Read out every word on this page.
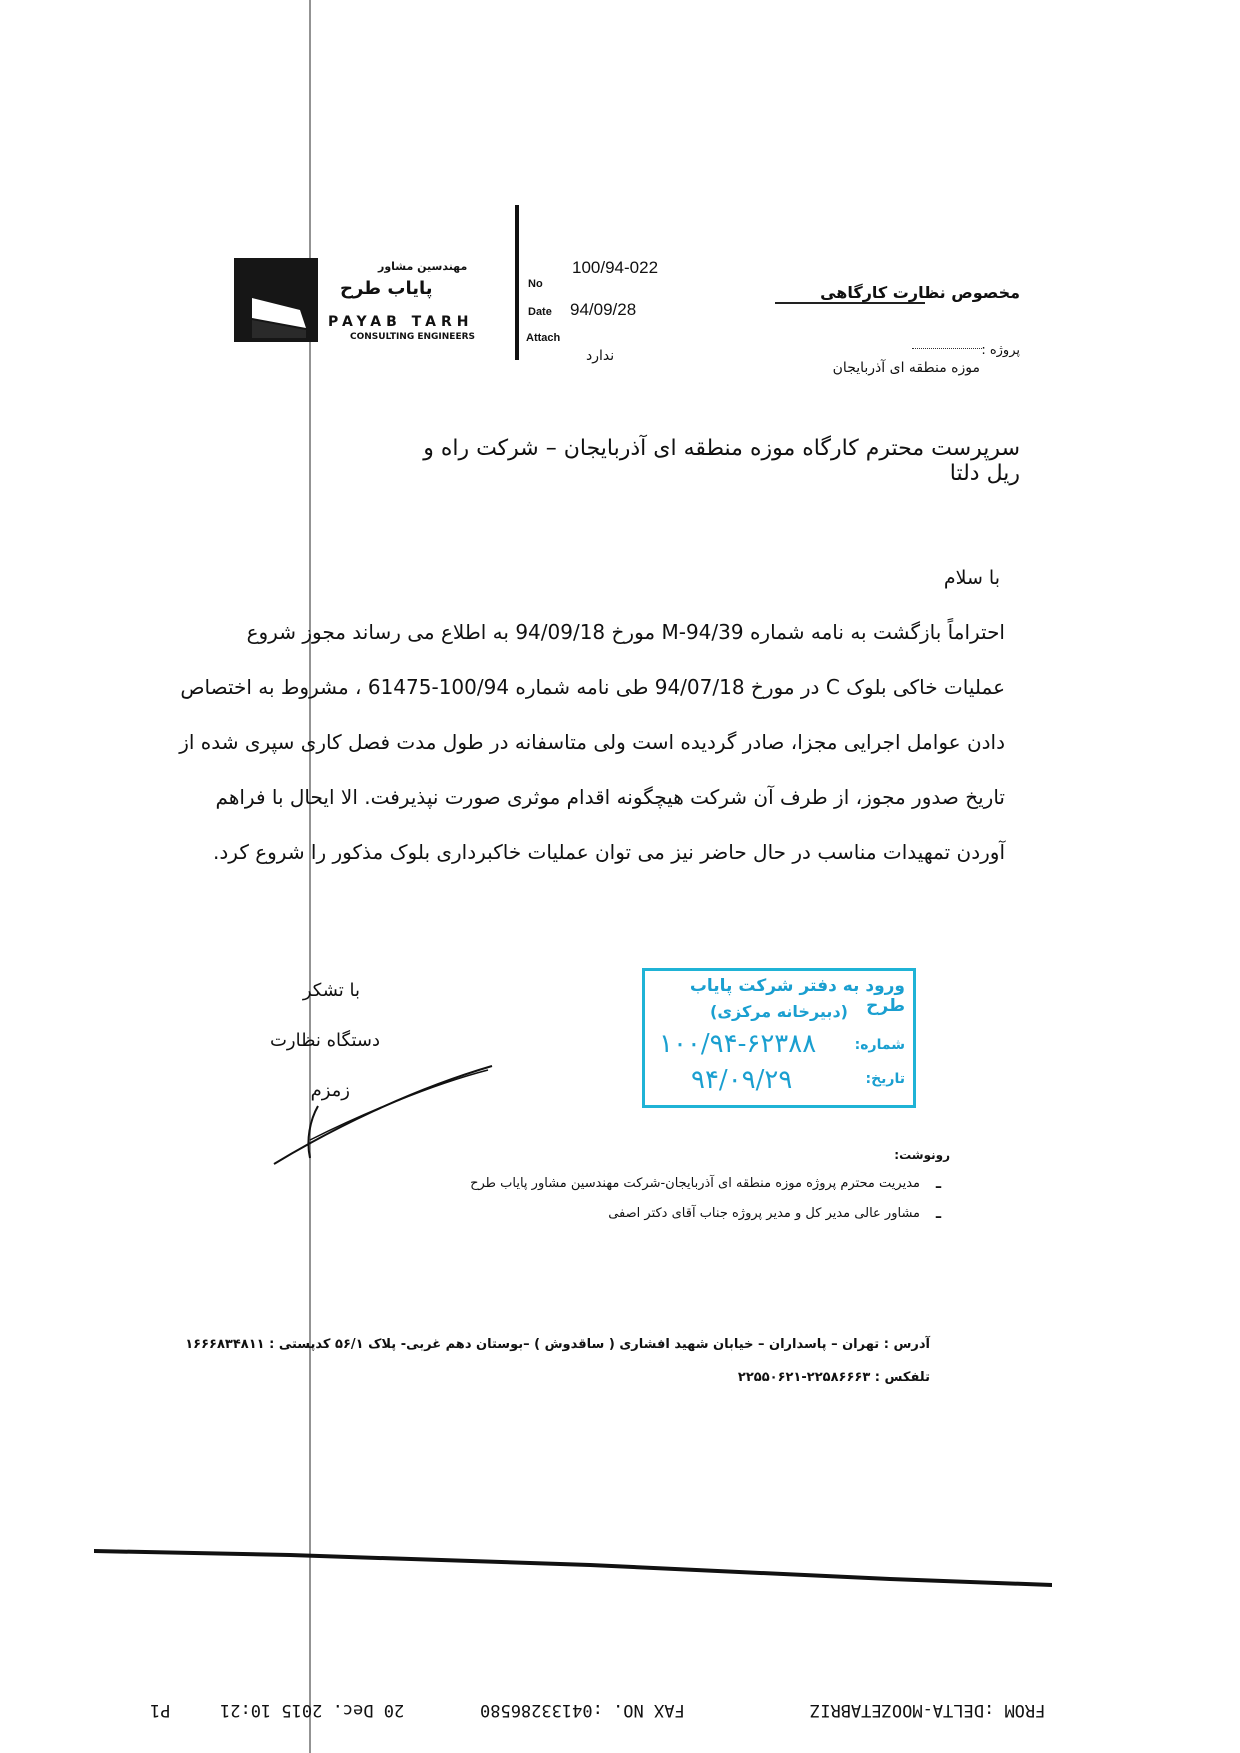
مهندسین مشاور
پایاب طرح
PAYAB TARH
CONSULTING ENGINEERS
No
100/94-022
Date 94/09/28
Attach
ندارد
مخصوص نظارت کارگاهی
پروژه :
موزه منطقه ای آذربایجان
سرپرست محترم کارگاه موزه منطقه ای آذربایجان – شرکت راه و ریل دلتا
با سلام
احتراماً بازگشت به نامه شماره M-94/39 مورخ 94/09/18 به اطلاع می رساند مجوز شروع
عملیات خاکی بلوک C در مورخ 94/07/18 طی نامه شماره 100/94-61475 ، مشروط به اختصاص
دادن عوامل اجرایی مجزا، صادر گردیده است ولی متاسفانه در طول مدت فصل کاری سپری شده از
تاریخ صدور مجوز، از طرف آن شرکت هیچگونه اقدام موثری صورت نپذیرفت. الا ایحال با فراهم
آوردن تمهیدات مناسب در حال حاضر نیز می توان عملیات خاکبرداری بلوک مذکور را شروع کرد.
با تشکر
دستگاه نظارت
زمزم
ورود به دفتر شرکت پایاب طرح
(دبیرخانه مرکزی)
شماره:
۱۰۰/۹۴-۶۲۳۸۸
تاریخ:
۹۴/۰۹/۲۹
رونوشت:
–
مدیریت محترم پروژه موزه منطقه ای آذربایجان-شرکت مهندسین مشاور پایاب طرح
–
مشاور عالی مدیر کل و مدیر پروژه جناب آقای دکتر اصفی
آدرس : تهران – پاسداران – خیابان شهید افشاری ( ساقدوش ) –بوستان دهم غربی- پلاک ۵۶/۱ کدپستی : ۱۶۶۶۸۳۴۸۱۱
تلفکس : ۲۲۵۸۶۶۶۳-۲۲۵۵۰۶۲۱
P1	20 Dec. 2015 10:21	FAX NO. :04133286580	FROM :DELTA-MOOZETABRIZ
